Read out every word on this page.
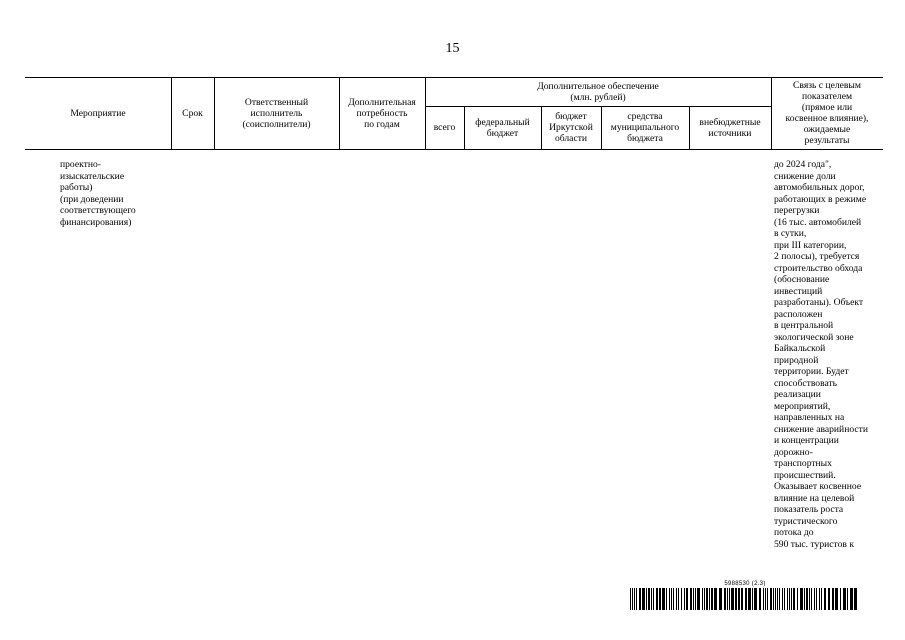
15
Мероприятие	Срок
Ответственный
исполнитель
(соисполнители)
Дополнительная
потребность
по годам
Дополнительное обеспечение
(млн. рублей)
всего	федеральный
бюджет
бюджет
Иркутской
области
средства
муниципального
бюджета
внебюджетные
источники
Связь с целевым
показателем
(прямое или
косвенное влияние),
ожидаемые
результаты
проектно-
изыскательские
работы)
(при доведении
соответствующего
финансирования)
до 2024 года",
снижение доли
автомобильных дорог,
работающих в режиме
перегрузки
(16 тыс. автомобилей
в сутки,
при III категории,
2 полосы), требуется
строительство обхода
(обоснование
инвестиций
разработаны). Объект
расположен
в центральной
экологической зоне
Байкальской
природной
территории. Будет
способствовать
реализации
мероприятий,
направленных на
снижение аварийности
и концентрации
дорожно-
транспортных
происшествий.
Оказывает косвенное
влияние на целевой
показатель роста
туристического
потока до
590 тыс. туристов к
5988530 (2.3)
